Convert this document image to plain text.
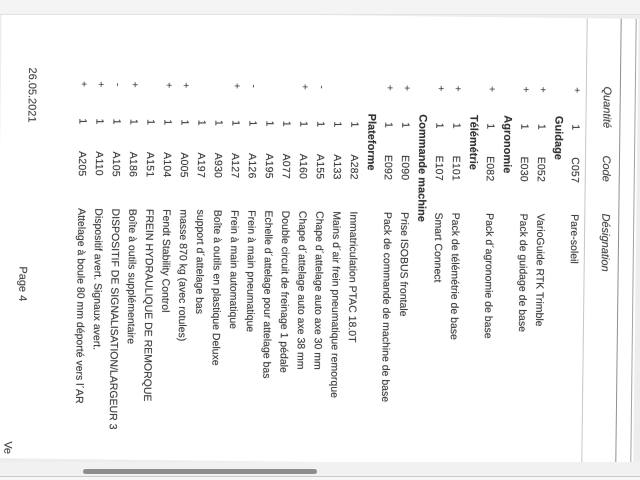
Quantité
Code
Désignation
+
1
C057
Pare-soleil
Guidage
+
1
E052
VarioGuide RTK Trimble
+
1
E030
Pack de guidage de base
Agronomie
+
1
E082
Pack d´agronomie de base
Télémétrie
+
1
E101
Pack de télémétrie de base
+
1
E107
Smart Connect
Commande machine
+
1
E090
Prise ISOBUS frontale
+
1
E092
Pack de commande de machine de base
Plateforme
1
A282
Immatriculation PTAC 18.0T
1
A133
Mains d´air frein pneumatique remorque
-
1
A155
Chape d´attelage auto axe 30 mm
+
1
A160
Chape d´attelage auto axe 38 mm
1
A077
Double circuit de freinage 1 pédale
1
A195
Echelle d´attelage pour attelage bas
-
1
A126
Frein à main pneumatique
+
1
A127
Frein à main automatique
1
A930
Boîte à outils en plastique Deluxe
1
A197
support d´attelage bas
+
1
A005
masse 870 kg (avec rotules)
+
1
A104
Fendt Stability Control
1
A151
FREIN HYDRAULIQUE DE REMORQUE
+
1
A186
Boîte à outils supplémentaire
-
1
A105
DISPOSITIF DE SIGNALISATION/LARGEUR 3
+
1
A110
Dispositif avert. Signaux avert.
+
1
A205
Attelage à boule 80 mm déporté vers l´AR
26.05.2021
Page 4
Ve
